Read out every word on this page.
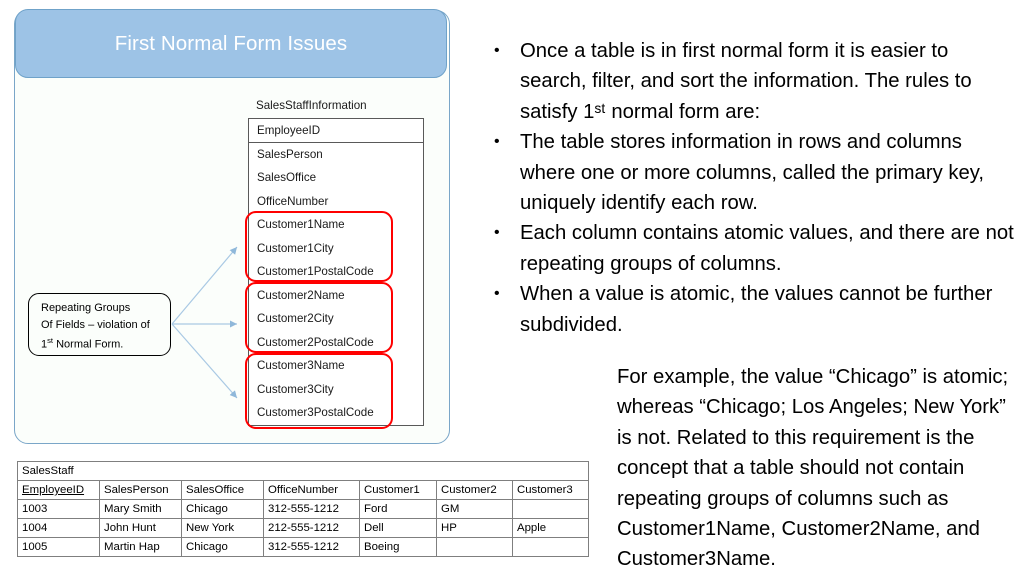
First Normal Form Issues
SalesStaffInformation
EmployeeID
SalesPerson
SalesOffice
OfficeNumber
Customer1Name
Customer1City
Customer1PostalCode
Customer2Name
Customer2City
Customer2PostalCode
Customer3Name
Customer3City
Customer3PostalCode
Repeating Groups
Of Fields – violation of
1st Normal Form.
SalesStaff						
EmployeeID	SalesPerson	SalesOffice	OfficeNumber	Customer1	Customer2	Customer3
1003	Mary Smith	Chicago	312-555-1212	Ford	GM	
1004	John Hunt	New York	212-555-1212	Dell	HP	Apple
1005	Martin Hap	Chicago	312-555-1212	Boeing		
• Once a table is in first normal form it is easier to search, filter, and sort the information. The rules to satisfy 1ˢᵗ normal form are:
• The table stores information in rows and columns where one or more columns, called the primary key, uniquely identify each row.
• Each column contains atomic values, and there are not repeating groups of columns.
• When a value is atomic, the values cannot be further subdivided.
For example, the value “Chicago” is atomic; whereas “Chicago; Los Angeles; New York” is not. Related to this requirement is the concept that a table should not contain repeating groups of columns such as Customer1Name, Customer2Name, and Customer3Name.
